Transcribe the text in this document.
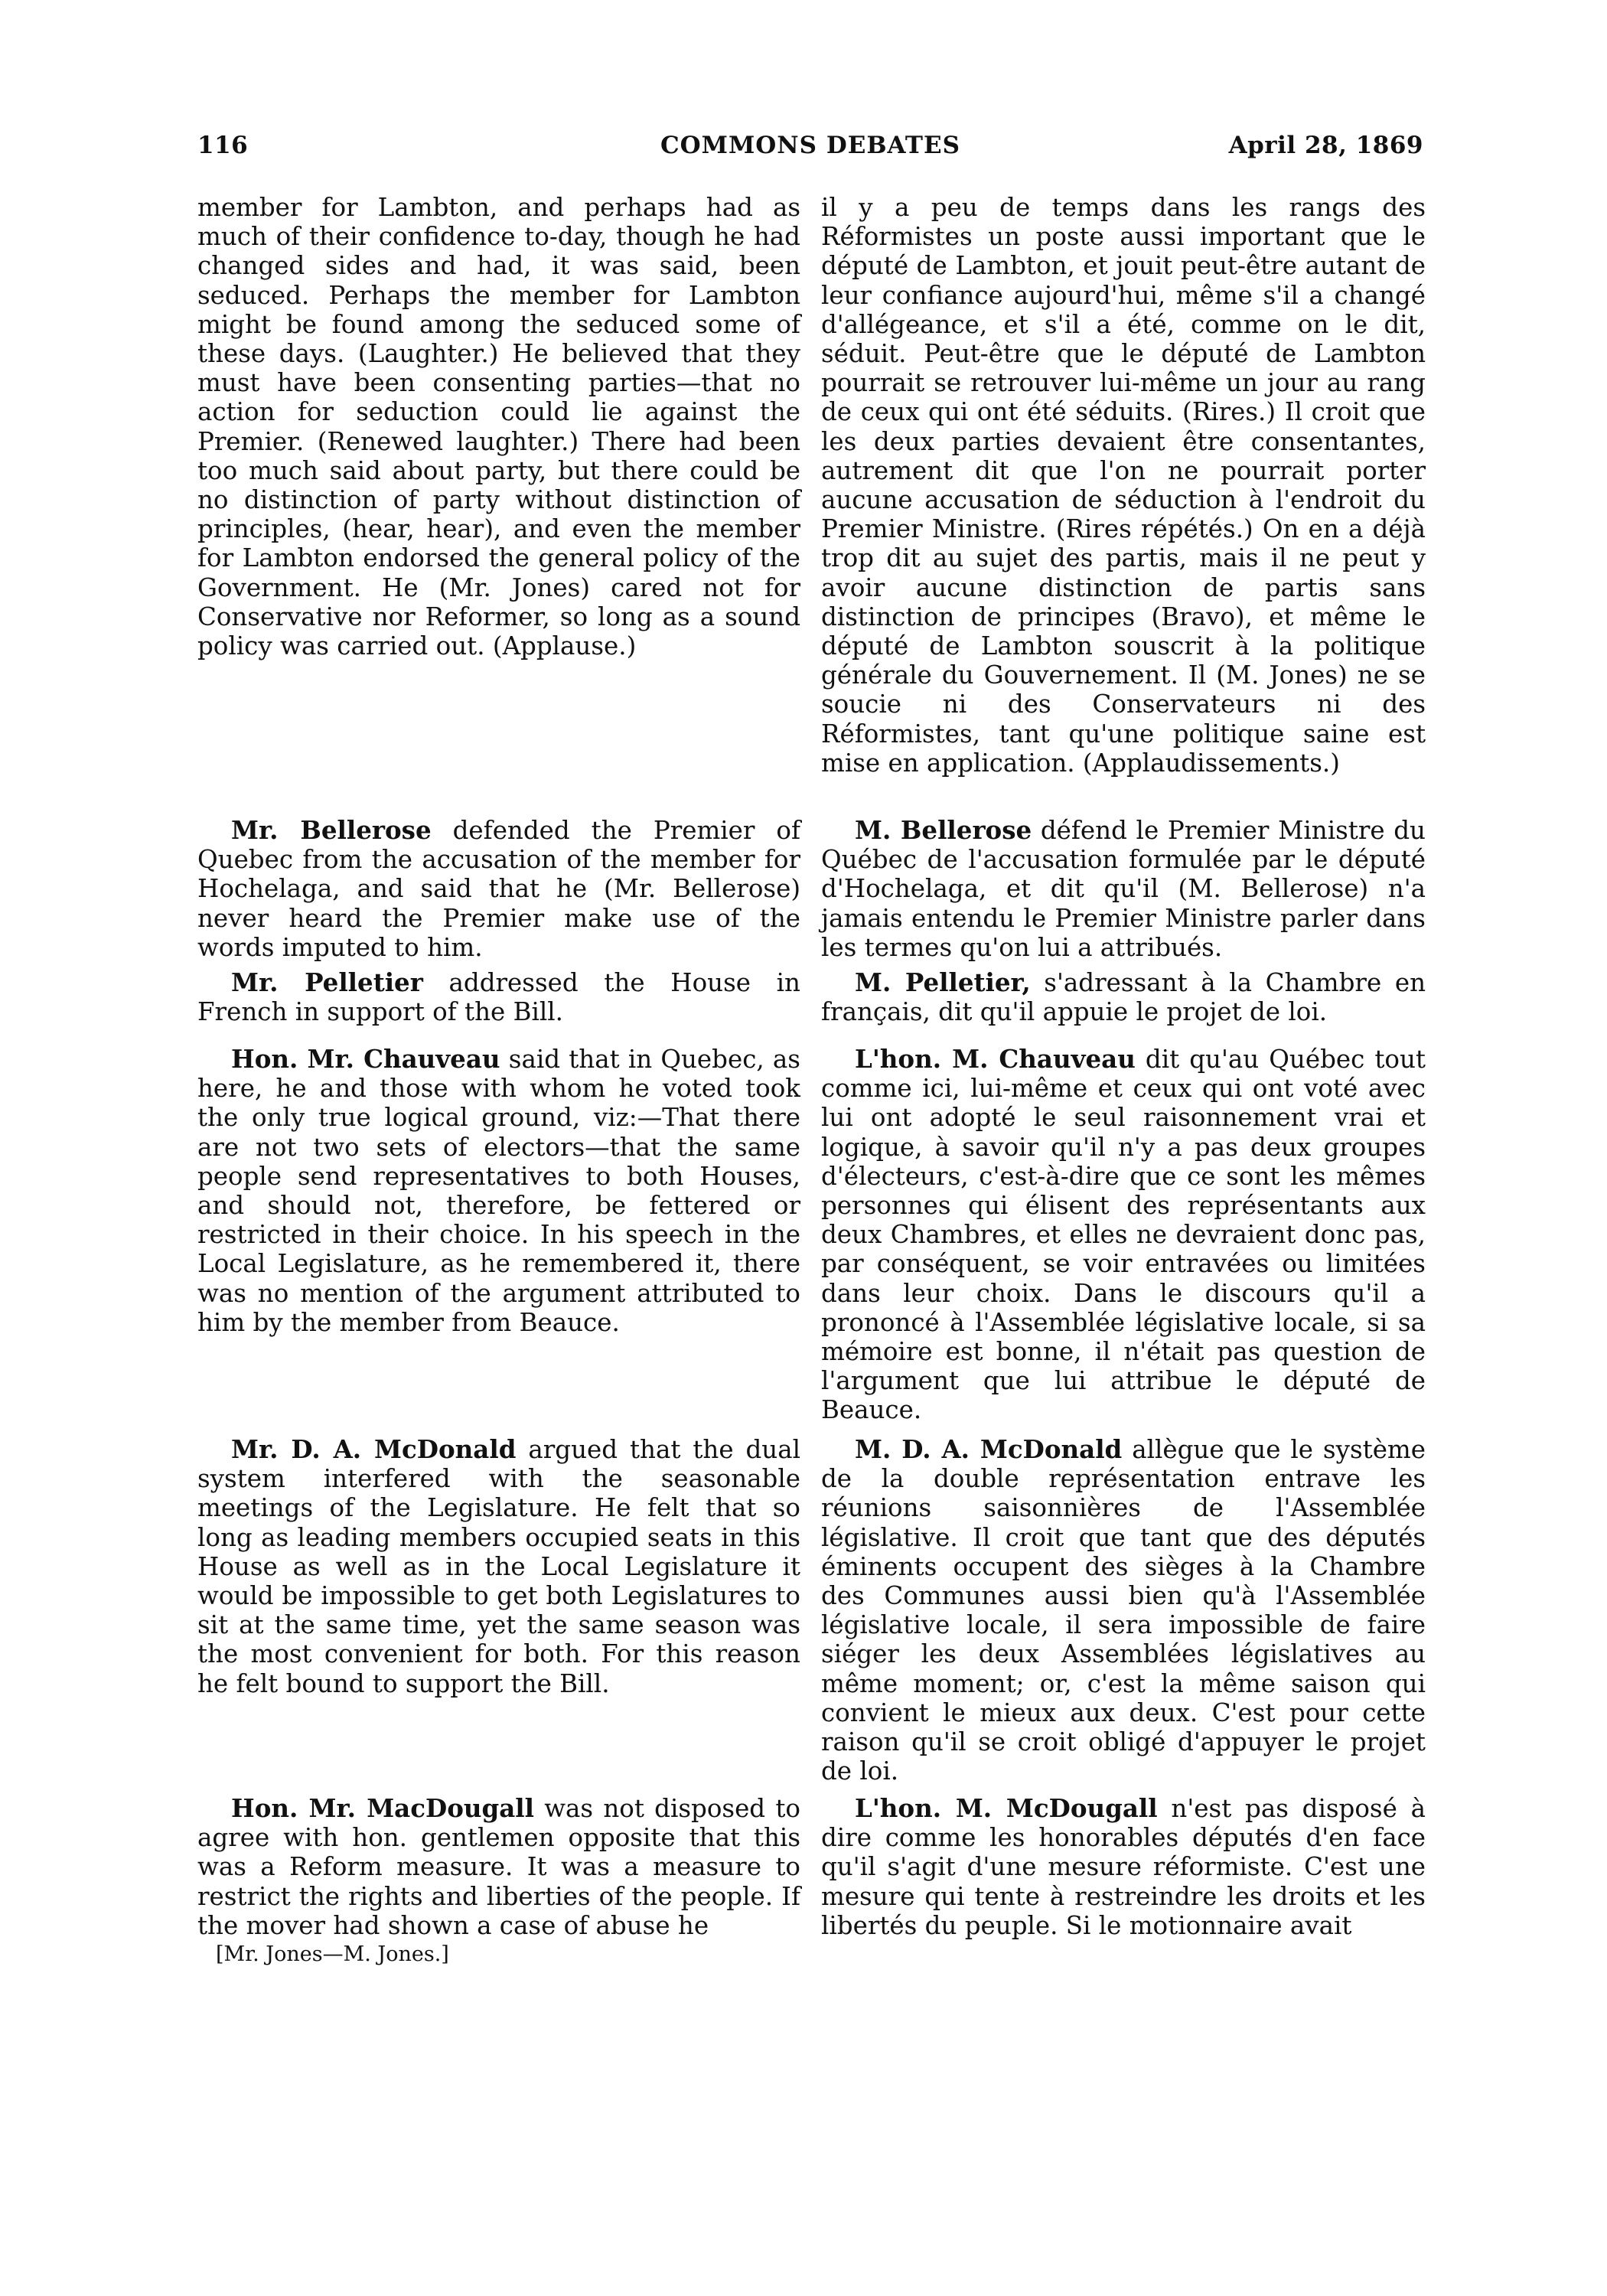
116	COMMONS DEBATES	April 28, 1869

member for Lambton, and perhaps had as much of their confidence to-day, though he had changed sides and had, it was said, been seduced. Perhaps the member for Lambton might be found among the seduced some of these days. (Laughter.) He believed that they must have been consenting parties—that no action for seduction could lie against the Premier. (Renewed laughter.) There had been too much said about party, but there could be no distinction of party without distinction of principles, (hear, hear), and even the member for Lambton endorsed the general policy of the Government. He (Mr. Jones) cared not for Conservative nor Reformer, so long as a sound policy was carried out. (Applause.)

Mr. Bellerose defended the Premier of Quebec from the accusation of the member for Hochelaga, and said that he (Mr. Bellerose) never heard the Premier make use of the words imputed to him.

Mr. Pelletier addressed the House in French in support of the Bill.

Hon. Mr. Chauveau said that in Quebec, as here, he and those with whom he voted took the only true logical ground, viz:—That there are not two sets of electors—that the same people send representatives to both Houses, and should not, therefore, be fettered or restricted in their choice. In his speech in the Local Legislature, as he remembered it, there was no mention of the argument attributed to him by the member from Beauce.

Mr. D. A. McDonald argued that the dual system interfered with the seasonable meetings of the Legislature. He felt that so long as leading members occupied seats in this House as well as in the Local Legislature it would be impossible to get both Legislatures to sit at the same time, yet the same season was the most convenient for both. For this reason he felt bound to support the Bill.

Hon. Mr. MacDougall was not disposed to agree with hon. gentlemen opposite that this was a Reform measure. It was a measure to restrict the rights and liberties of the people. If the mover had shown a case of abuse he

il y a peu de temps dans les rangs des Réformistes un poste aussi important que le député de Lambton, et jouit peut-être autant de leur confiance aujourd'hui, même s'il a changé d'allégeance, et s'il a été, comme on le dit, séduit. Peut-être que le député de Lambton pourrait se retrouver lui-même un jour au rang de ceux qui ont été séduits. (Rires.) Il croit que les deux parties devaient être consentantes, autrement dit que l'on ne pourrait porter aucune accusation de séduction à l'endroit du Premier Ministre. (Rires répétés.) On en a déjà trop dit au sujet des partis, mais il ne peut y avoir aucune distinction de partis sans distinction de principes (Bravo), et même le député de Lambton souscrit à la politique générale du Gouvernement. Il (M. Jones) ne se soucie ni des Conservateurs ni des Réformistes, tant qu'une politique saine est mise en application. (Applaudissements.)

M. Bellerose défend le Premier Ministre du Québec de l'accusation formulée par le député d'Hochelaga, et dit qu'il (M. Bellerose) n'a jamais entendu le Premier Ministre parler dans les termes qu'on lui a attribués.

M. Pelletier, s'adressant à la Chambre en français, dit qu'il appuie le projet de loi.

L'hon. M. Chauveau dit qu'au Québec tout comme ici, lui-même et ceux qui ont voté avec lui ont adopté le seul raisonnement vrai et logique, à savoir qu'il n'y a pas deux groupes d'électeurs, c'est-à-dire que ce sont les mêmes personnes qui élisent des représentants aux deux Chambres, et elles ne devraient donc pas, par conséquent, se voir entravées ou limitées dans leur choix. Dans le discours qu'il a prononcé à l'Assemblée législative locale, si sa mémoire est bonne, il n'était pas question de l'argument que lui attribue le député de Beauce.

M. D. A. McDonald allègue que le système de la double représentation entrave les réunions saisonnières de l'Assemblée législative. Il croit que tant que des députés éminents occupent des sièges à la Chambre des Communes aussi bien qu'à l'Assemblée législative locale, il sera impossible de faire siéger les deux Assemblées législatives au même moment; or, c'est la même saison qui convient le mieux aux deux. C'est pour cette raison qu'il se croit obligé d'appuyer le projet de loi.

L'hon. M. McDougall n'est pas disposé à dire comme les honorables députés d'en face qu'il s'agit d'une mesure réformiste. C'est une mesure qui tente à restreindre les droits et les libertés du peuple. Si le motionnaire avait

[Mr. Jones—M. Jones.]
